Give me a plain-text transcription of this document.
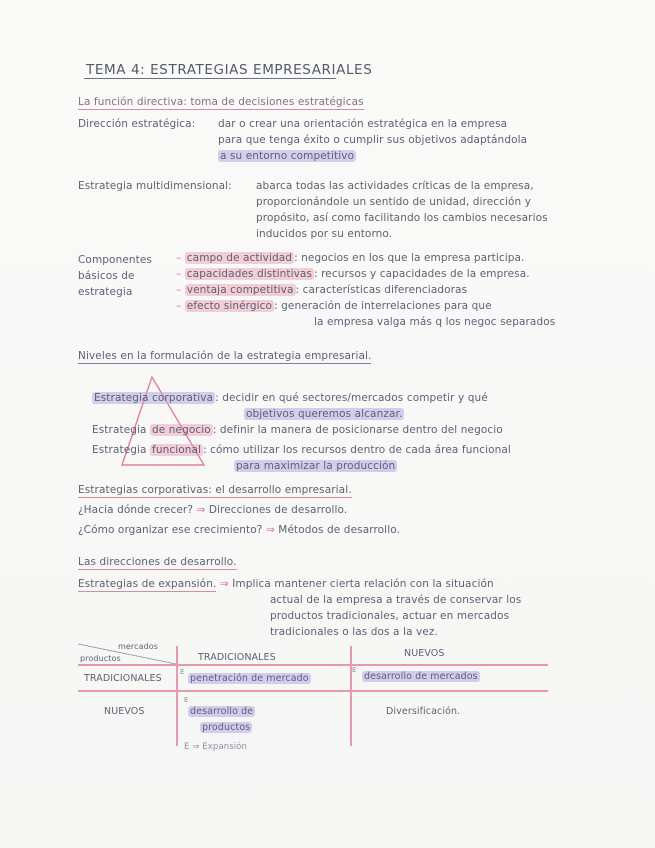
TEMA 4: ESTRATEGIAS EMPRESARIALES
La función directiva: toma de decisiones estratégicas
Dirección estratégica: dar o crear una orientación estratégica en la empresa
para que tenga éxito o cumplir sus objetivos adaptándola
a su entorno competitivo
Estrategia multidimensional: abarca todas las actividades críticas de la empresa,
proporcionándole un sentido de unidad, dirección y
propósito, así como facilitando los cambios necesarios
inducidos por su entorno.
Componentes
básicos de
estrategia
– campo de actividad : negocios en los que la empresa participa.
– capacidades distintivas : recursos y capacidades de la empresa.
– ventaja competitiva : características diferenciadoras
– efecto sinérgico : generación de interrelaciones para que
la empresa valga más q los negoc separados
Niveles en la formulación de la estrategia empresarial.
Estrategia corporativa : decidir en qué sectores/mercados competir y qué
objetivos queremos alcanzar.
Estrategia de negocio : definir la manera de posicionarse dentro del negocio
Estrategia funcional : cómo utilizar los recursos dentro de cada área funcional
para maximizar la producción
Estrategias corporativas: el desarrollo empresarial.
¿Hacia dónde crecer? ⇒ Direcciones de desarrollo.
¿Cómo organizar ese crecimiento? ⇒ Métodos de desarrollo.
Las direcciones de desarrollo.
Estrategias de expansión. ⇒ Implica mantener cierta relación con la situación
actual de la empresa a través de conservar los
productos tradicionales, actuar en mercados
tradicionales o las dos a la vez.
mercados
productos	TRADICIONALES	NUEVOS
TRADICIONALES
NUEVOS
E
penetración de mercado
E
desarrollo de mercados
E
desarrollo de
productos
Diversificación.
E ⇒ Expansión
